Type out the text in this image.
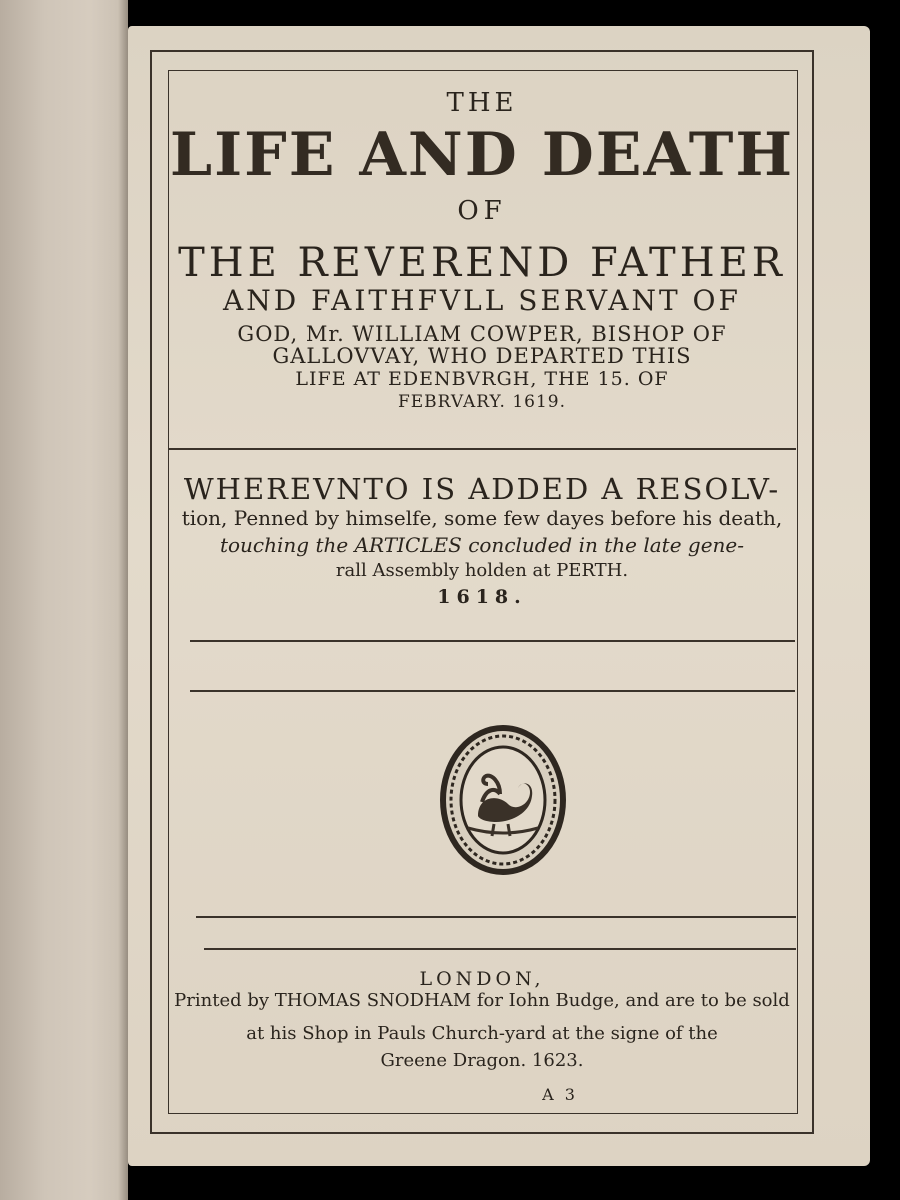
THE

LIFE AND DEATH

OF

THE REVEREND FATHER

AND FAITHFVLL SERVANT OF

GOD, Mr. WILLIAM COWPER, BISHOP OF

GALLOVVAY, WHO DEPARTED THIS

LIFE AT EDENBVRGH, THE 15. OF

FEBRVARY. 1619.

WHEREVNTO IS ADDED A RESOLV-

tion, Penned by himselfe, some few dayes before his death,

touching the ARTICLES concluded in the late gene-

rall Assembly holden at PERTH.

1618.

LONDON,

Printed by THOMAS SNODHAM for Iohn Budge, and are to be sold

at his Shop in Pauls Church-yard at the signe of the

Greene Dragon. 1623.

A 3
